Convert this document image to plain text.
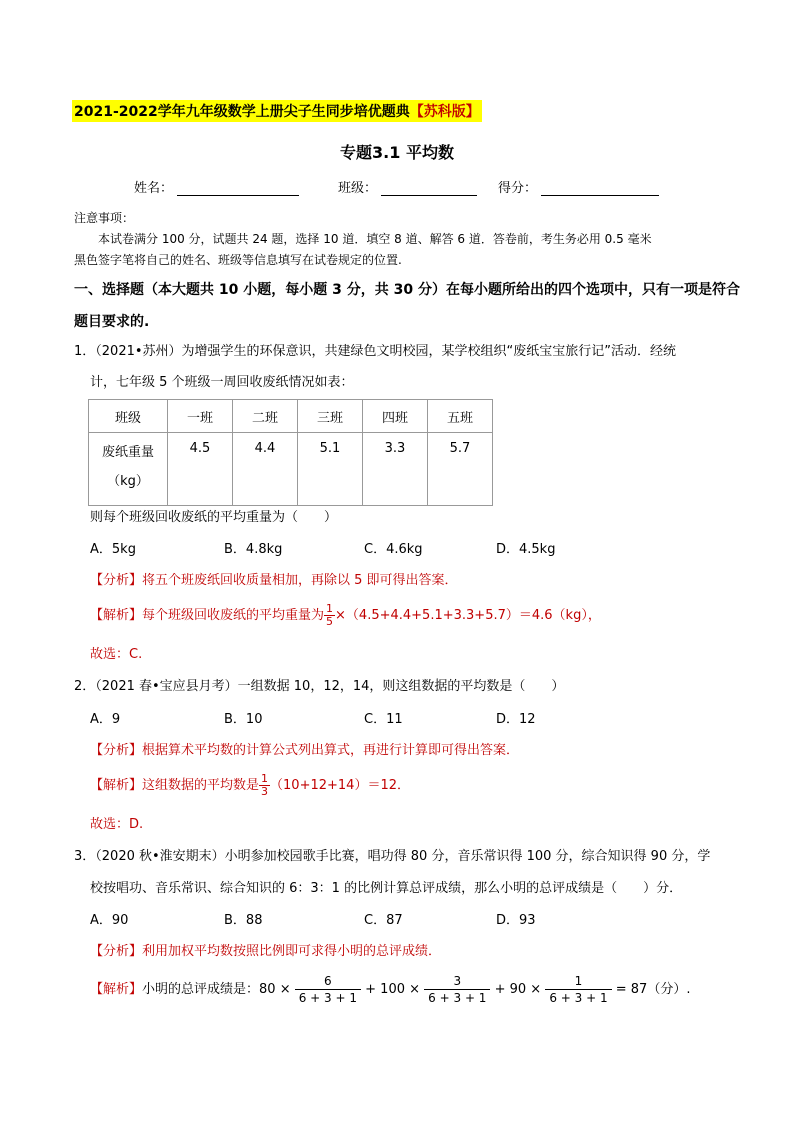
2021-2022学年九年级数学上册尖子生同步培优题典【苏科版】
专题3.1 平均数
姓名：	班级：	得分：
注意事项：
本试卷满分 100 分，试题共 24 题，选择 10 道．填空 8 道、解答 6 道．答卷前，考生务必用 0.5 毫米
黑色签字笔将自己的姓名、班级等信息填写在试卷规定的位置.
一、选择题（本大题共 10 小题，每小题 3 分，共 30 分）在每小题所给出的四个选项中，只有一项是符合
题目要求的.
1．（2021•苏州）为增强学生的环保意识，共建绿色文明校园，某学校组织“废纸宝宝旅行记”活动．经统
计，七年级 5 个班级一周回收废纸情况如表：
班级	一班	二班	三班	四班	五班

废纸重量
（kg）	4.5	4.4	5.1	3.3	5.7
则每个班级回收废纸的平均重量为（　　）
A．5kg	B．4.8kg	C．4.6kg	D．4.5kg
【分析】将五个班废纸回收质量相加，再除以 5 即可得出答案．
【解析】每个班级回收废纸的平均重量为 $\frac{1}{5} \times(4.5+4.4+5.1+3.3+5.7)=4.6(kg)$，
故选：C.
2．（2021 春•宝应县月考）一组数据 10，12，14，则这组数据的平均数是（　　）
A．9	B．10	C．11	D．12
【分析】根据算术平均数的计算公式列出算式，再进行计算即可得出答案．
【解析】这组数据的平均数是 $\frac{1}{3} (10+12+14)=12$．
故选：D.
3．（2020 秋•淮安期末）小明参加校园歌手比赛，唱功得 80 分，音乐常识得 100 分，综合知识得 90 分，学
校按唱功、音乐常识、综合知识的 6：3：1 的比例计算总评成绩，那么小明的总评成绩是（　　）分．
A．90	B．88	C．87	D．93
【分析】利用加权平均数按照比例即可求得小明的总评成绩．
【解析】小明的总评成绩是：$80 \times \frac{6}{6 + 3 + 1} + 100 \times \frac{3}{6 + 3 + 1} + 90 \times \frac{1}{6 + 3 + 1} = 87$（分）.
